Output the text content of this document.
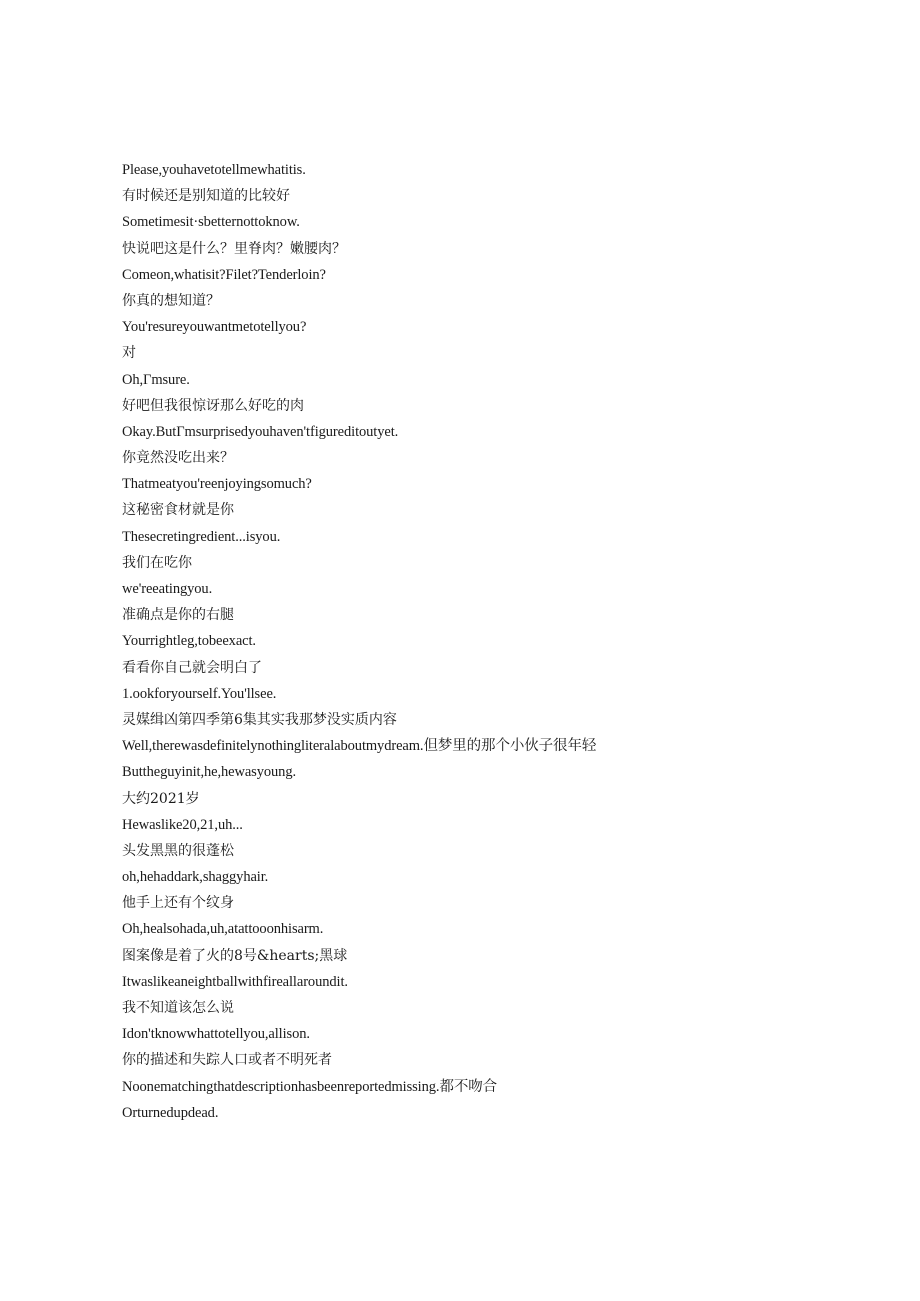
Please,youhavetotellmewhatitis.
有时候还是别知道的比较好
Sometimesit·sbetternottoknow.
快说吧这是什么？里脊肉？嫩腰肉？
Comeon,whatisit?Filet?Tenderloin?
你真的想知道？
You'resureyouwantmetotellyou?
对
Oh,Γmsure.
好吧但我很惊讶那么好吃的肉
Okay.ButΓmsurprisedyouhaven'tfigureditoutyet.
你竟然没吃出来？
Thatmeatyou'reenjoyingsomuch?
这秘密食材就是你
Thesecretingredient...isyou.
我们在吃你
we'reeatingyou.
准确点是你的右腿
Yourrightleg,tobeexact.
看看你自己就会明白了
1.ookforyourself.You'llsee.
灵媒缉凶第四季第6集其实我那梦没实质内容
Well,therewasdefinitelynothingliteralaboutmydream.但梦里的那个小伙子很年轻
Buttheguyinit,he,hewasyoung.
大约2021岁
Hewaslike20,21,uh...
头发黑黑的很蓬松
oh,hehaddark,shaggyhair.
他手上还有个纹身
Oh,healsohada,uh,atattooonhisarm.
图案像是着了火的8号&hearts;黑球
Itwaslikeaneightballwithfireallaroundit.
我不知道该怎么说
Idon'tknowwhattotellyou,allison.
你的描述和失踪人口或者不明死者
Noonematchingthatdescriptionhasbeenreportedmissing.都不吻合
Orturnedupdead.
